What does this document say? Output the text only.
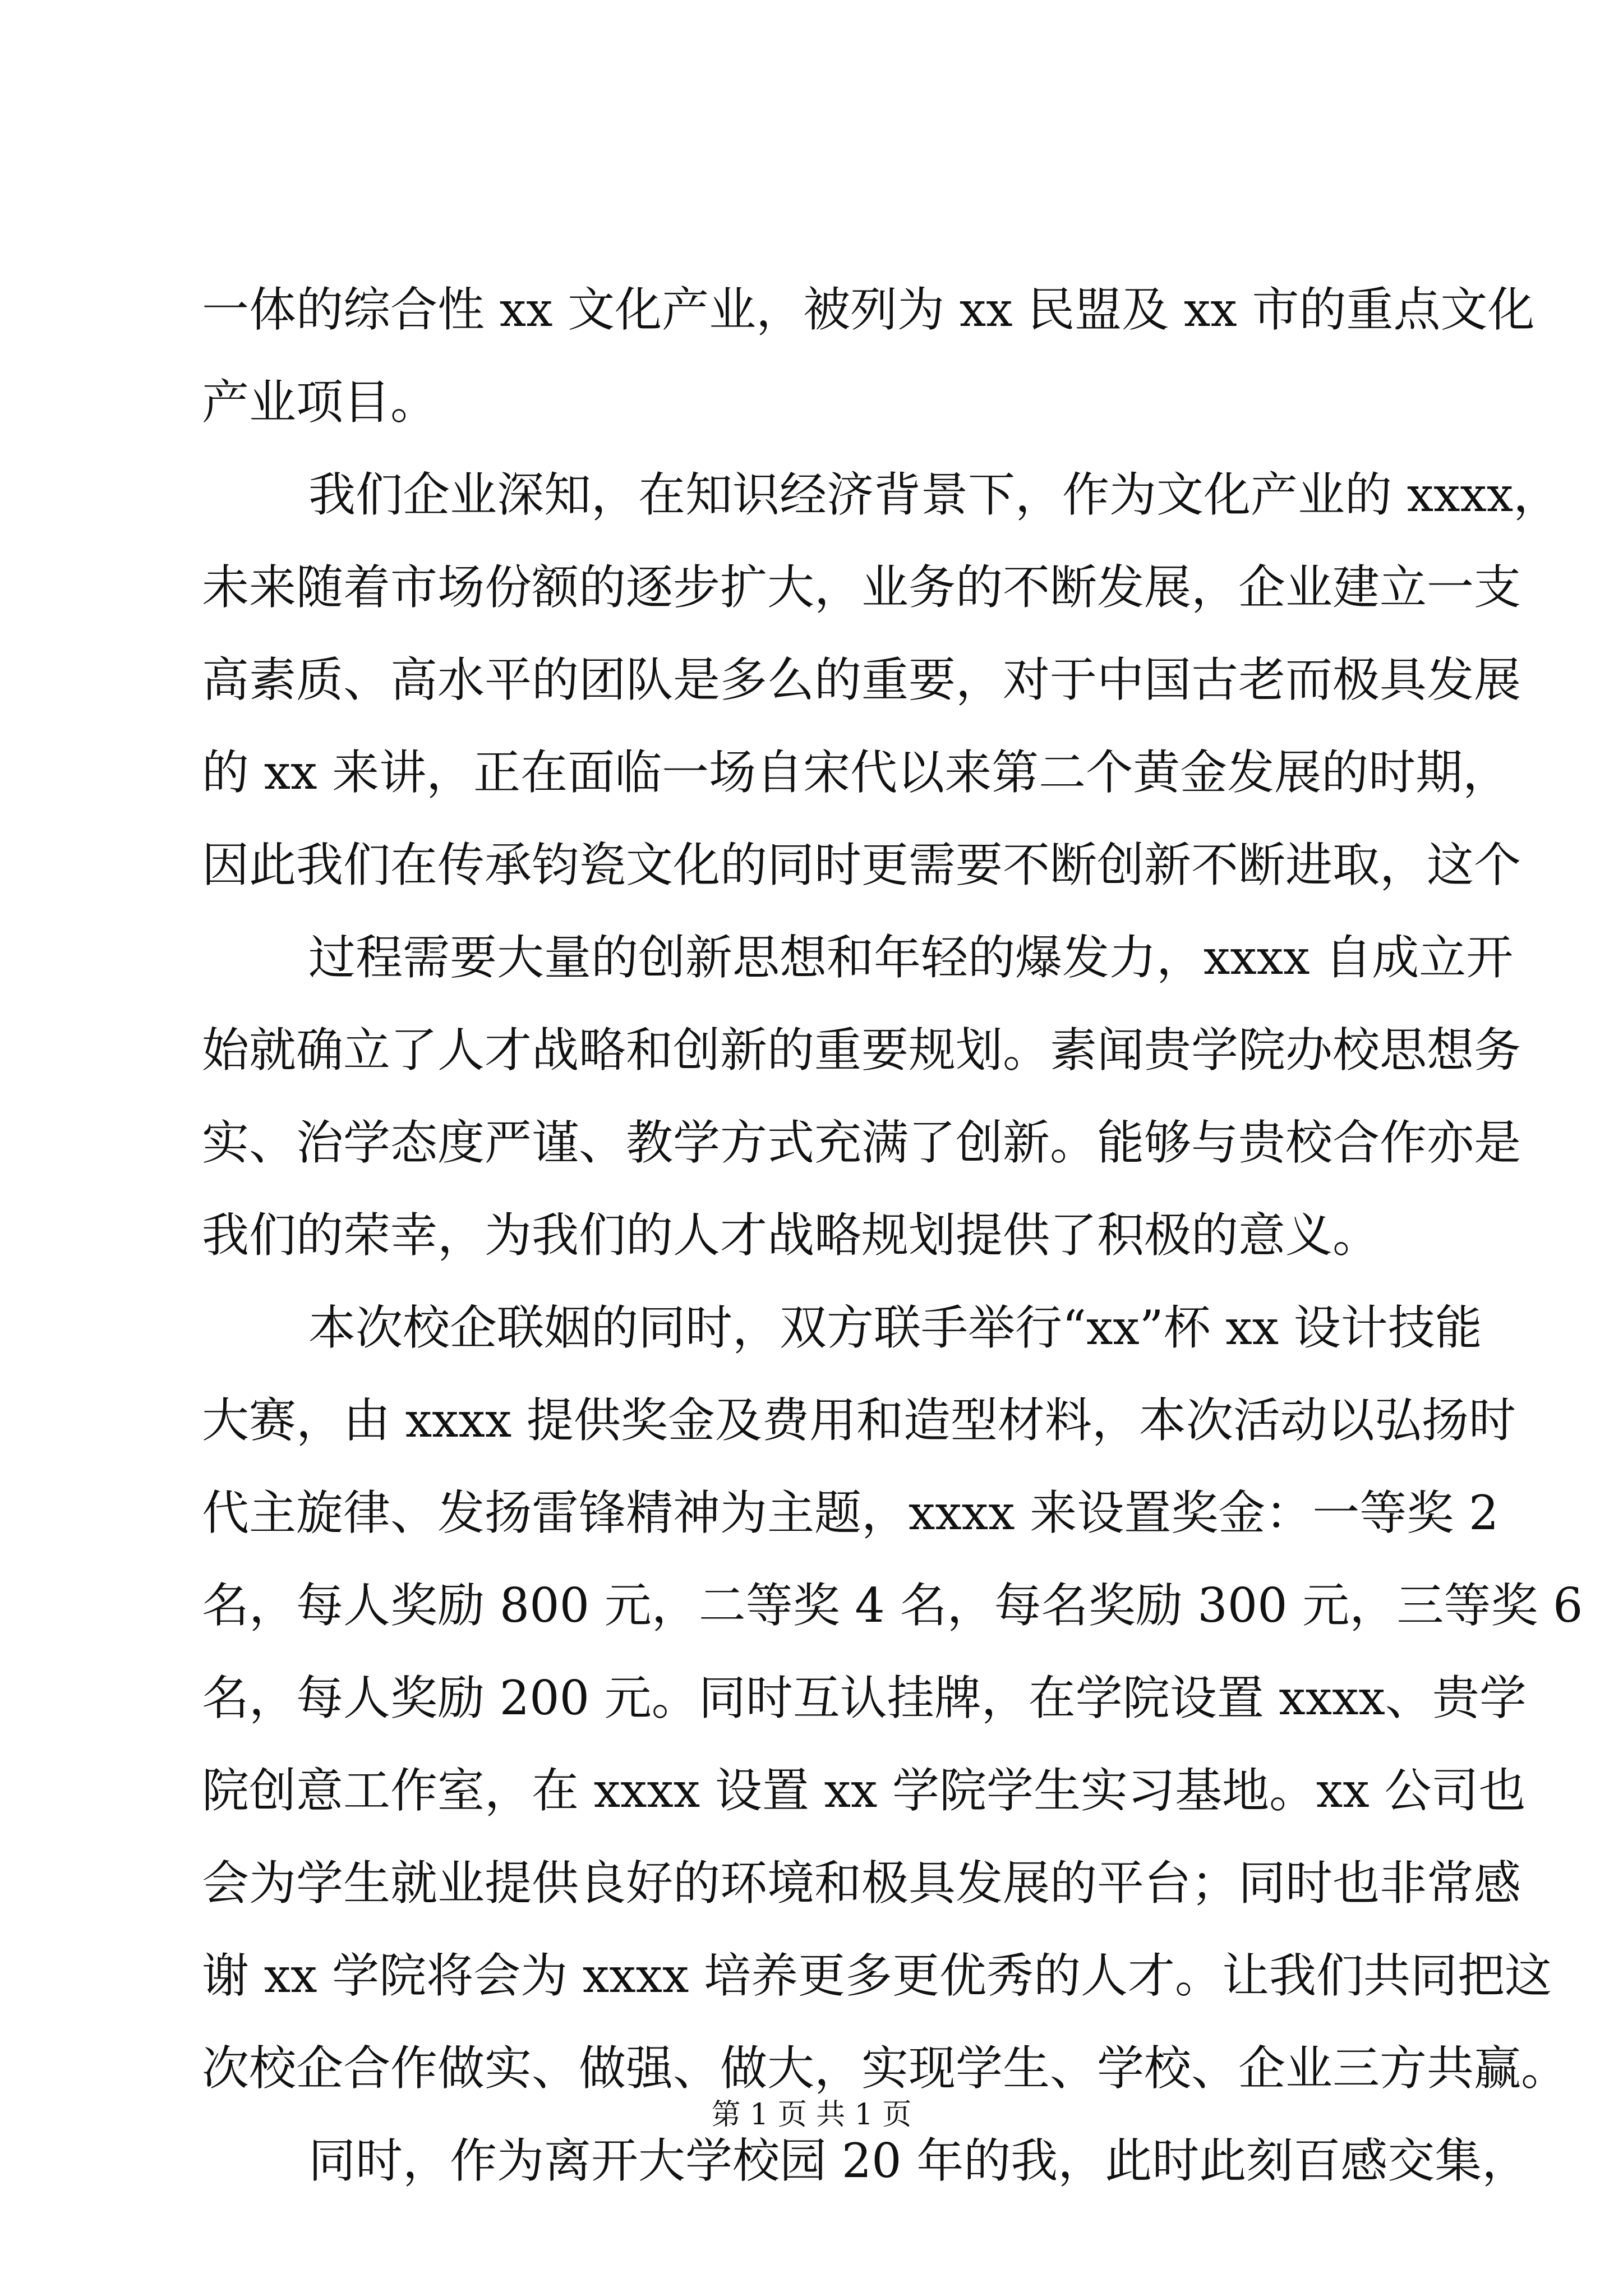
一体的综合性 xx 文化产业，被列为 xx 民盟及 xx 市的重点文化
产业项目。
我们企业深知，在知识经济背景下，作为文化产业的 xxxx，
未来随着市场份额的逐步扩大，业务的不断发展，企业建立一支
高素质、高水平的团队是多么的重要，对于中国古老而极具发展
的 xx 来讲，正在面临一场自宋代以来第二个黄金发展的时期，
因此我们在传承钧瓷文化的同时更需要不断创新不断进取，这个
过程需要大量的创新思想和年轻的爆发力，xxxx 自成立开
始就确立了人才战略和创新的重要规划。素闻贵学院办校思想务
实、治学态度严谨、教学方式充满了创新。能够与贵校合作亦是
我们的荣幸，为我们的人才战略规划提供了积极的意义。
本次校企联姻的同时，双方联手举行“xx”杯 xx 设计技能
大赛，由 xxxx 提供奖金及费用和造型材料，本次活动以弘扬时
代主旋律、发扬雷锋精神为主题，xxxx 来设置奖金：一等奖 2
名，每人奖励 800 元，二等奖 4 名，每名奖励 300 元，三等奖 6
名，每人奖励 200 元。同时互认挂牌，在学院设置 xxxx、贵学
院创意工作室，在 xxxx 设置 xx 学院学生实习基地。xx 公司也
会为学生就业提供良好的环境和极具发展的平台；同时也非常感
谢 xx 学院将会为 xxxx 培养更多更优秀的人才。让我们共同把这
次校企合作做实、做强、做大，实现学生、学校、企业三方共赢。
同时，作为离开大学校园 20 年的我，此时此刻百感交集，
第 1 页 共 1 页
